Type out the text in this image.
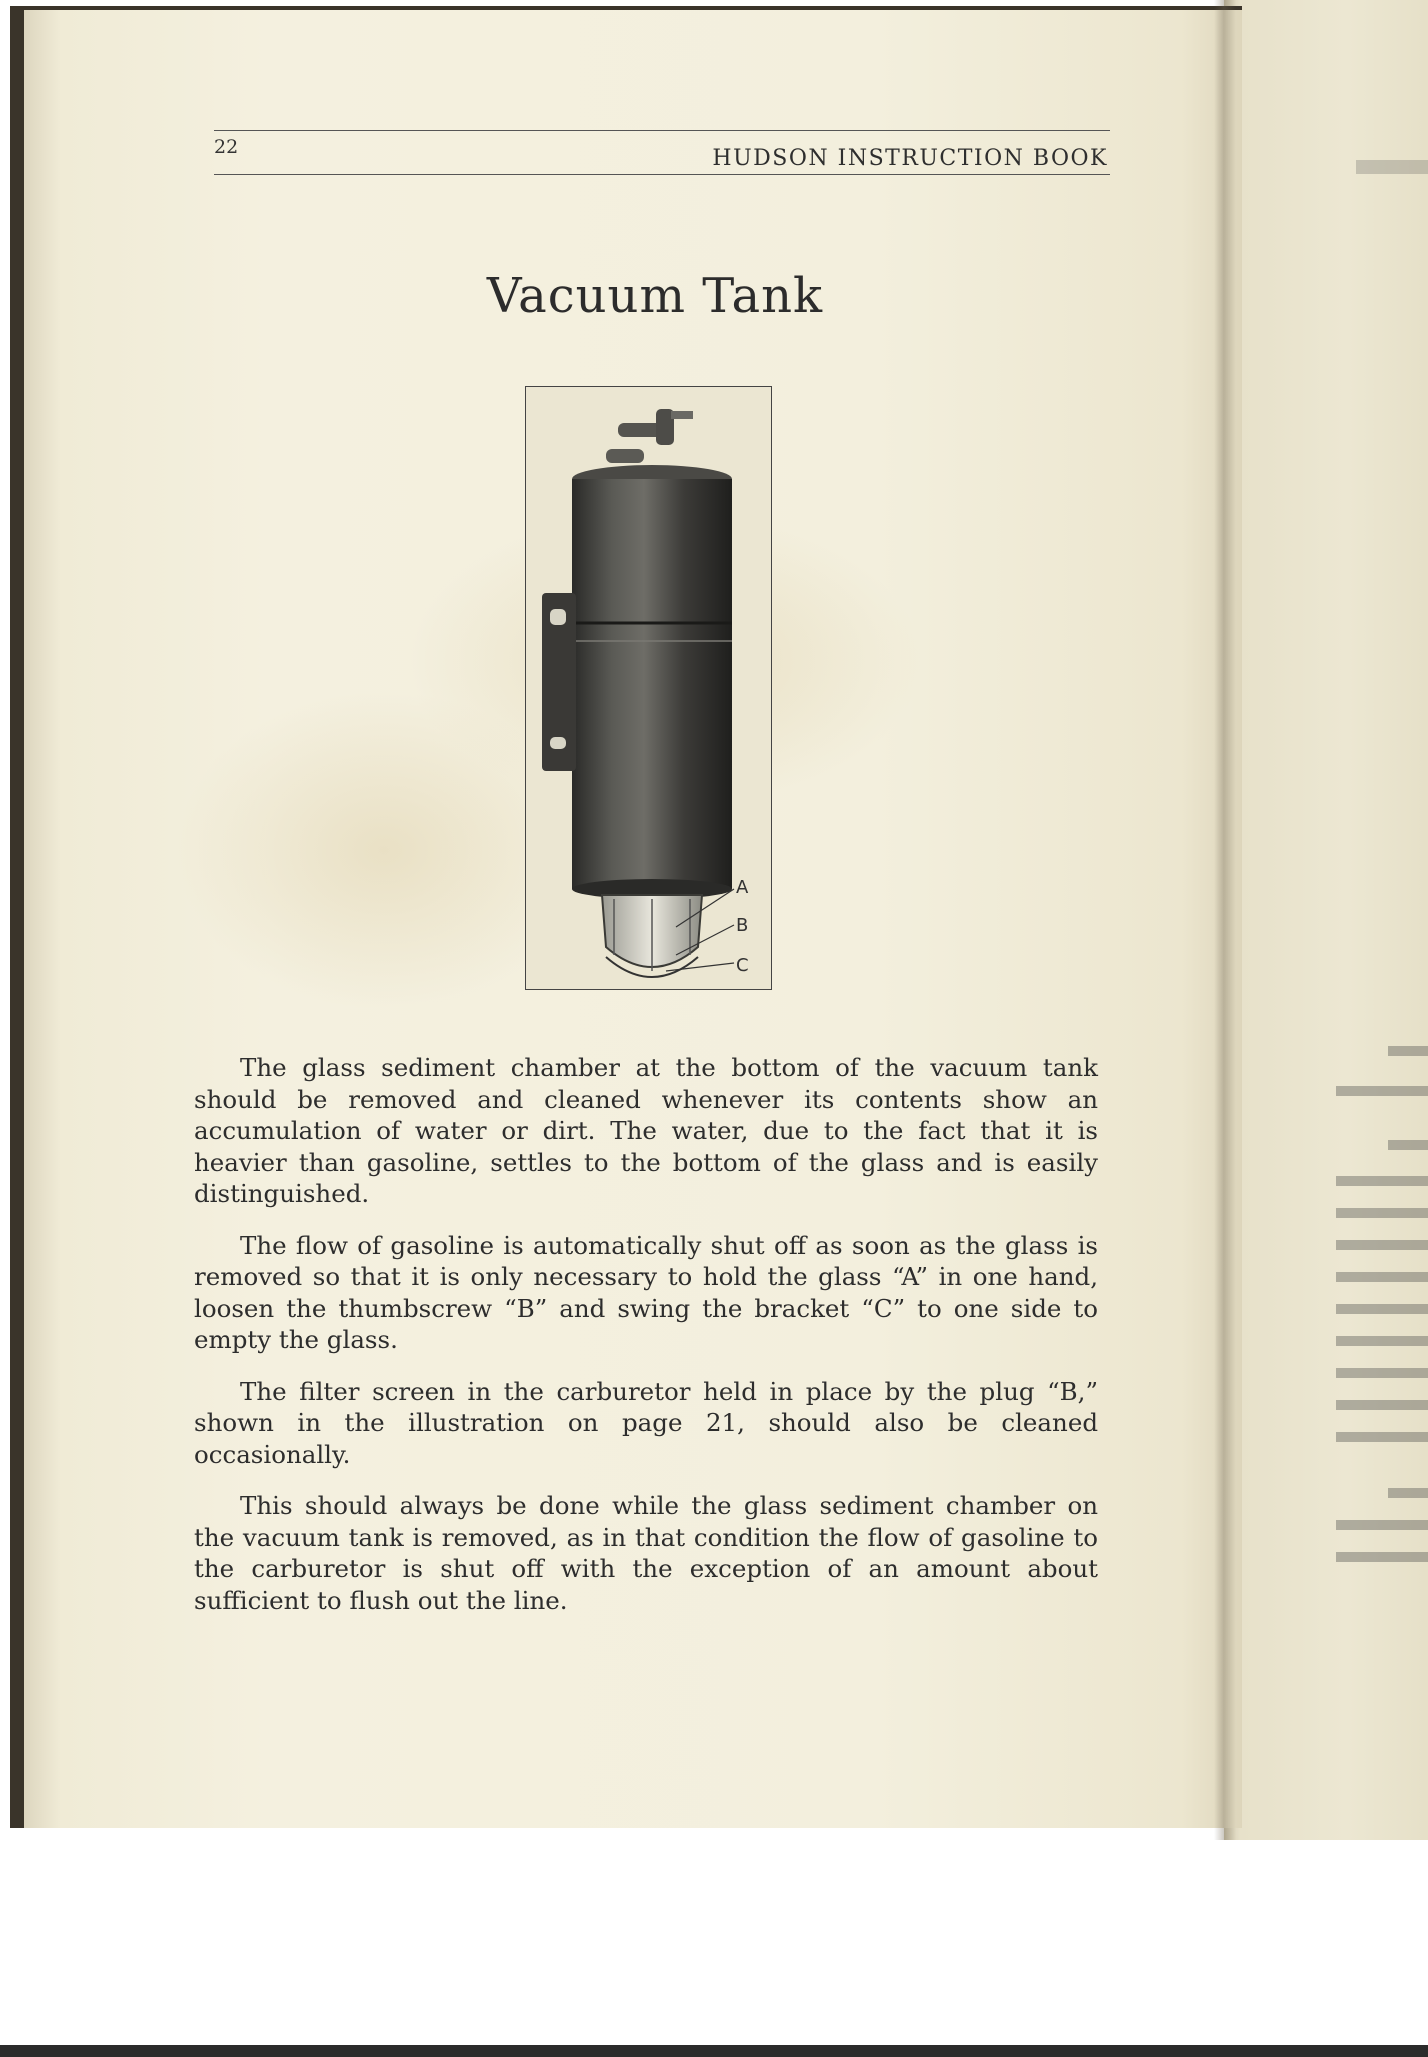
22	HUDSON INSTRUCTION BOOK
Vacuum Tank
A
B
C

The glass sediment chamber at the bottom of the vacuum tank should be removed and cleaned whenever its contents show an accumulation of water or dirt. The water, due to the fact that it is heavier than gasoline, settles to the bottom of the glass and is easily distinguished.

The flow of gasoline is automatically shut off as soon as the glass is removed so that it is only necessary to hold the glass “A” in one hand, loosen the thumbscrew “B” and swing the bracket “C” to one side to empty the glass.

The filter screen in the carburetor held in place by the plug “B,” shown in the illustration on page 21, should also be cleaned occasionally.

This should always be done while the glass sediment chamber on the vacuum tank is removed, as in that condition the flow of gasoline to the carburetor is shut off with the exception of an amount about sufficient to flush out the line.
